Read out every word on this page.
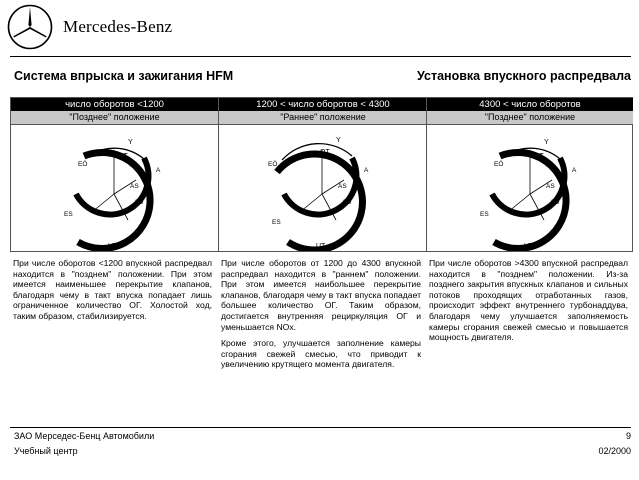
Mercedes-Benz
Система впрыска и зажигания HFM	Установка впускного распредвала
число оборотов <1200
"Позднее" положение
OT
Y
EÖ
A
AS
AÖ
ES
UT
1200 < число оборотов < 4300
"Раннее" положение
OT
Y
EÖ
A
AS
AÖ
ES
UT
4300 < число оборотов
"Позднее" положение
OT
Y
EÖ
A
AS
AÖ
ES
UT

При числе оборотов <1200 впускной распредвал находится в "позднем" положении. При этом имеется наименьшее перекрытие клапанов, благодаря чему в такт впуска попадает лишь ограниченное количество ОГ. Холостой ход, таким образом, стабилизируется.

При числе оборотов от 1200 до 4300 впускной распредвал находится в "раннем" положении. При этом имеется наибольшее перекрытие клапанов, благодаря чему в такт впуска попадает большее количество ОГ. Таким образом, достигается внутренняя рециркуляция ОГ и уменьшается NOx.

Кроме этого, улучшается заполнение камеры сгорания свежей смесью, что приводит к увеличению крутящего момента двигателя.

При числе оборотов >4300 впускной распредвал находится в "позднем" положении. Из-за позднего закрытия впускных клапанов и сильных потоков проходящих отработанных газов, происходит эффект внутреннего турбонаддува, благодаря чему улучшается заполняемость камеры сгорания свежей смесью и повышается мощность двигателя.

ЗАО Мерседес-Бенц Автомобили
Учебный центр
9
02/2000
